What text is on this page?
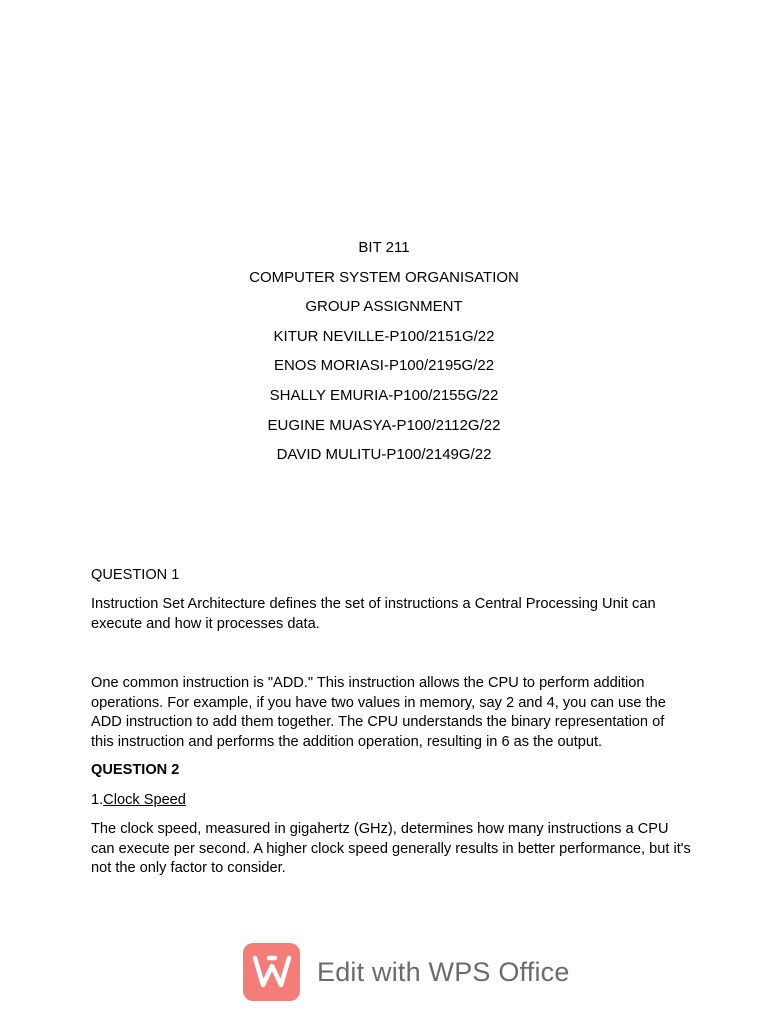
BIT 211
COMPUTER SYSTEM ORGANISATION
GROUP ASSIGNMENT
KITUR NEVILLE-P100/2151G/22
ENOS MORIASI-P100/2195G/22
SHALLY EMURIA-P100/2155G/22
EUGINE MUASYA-P100/2112G/22
DAVID MULITU-P100/2149G/22
QUESTION 1
Instruction Set Architecture defines the set of instructions a Central Processing Unit can execute and how it processes data.
One common instruction is "ADD." This instruction allows the CPU to perform addition operations. For example, if you have two values in memory, say 2 and 4, you can use the ADD instruction to add them together. The CPU understands the binary representation of this instruction and performs the addition operation, resulting in 6 as the output.
QUESTION 2
1.Clock Speed
The clock speed, measured in gigahertz (GHz), determines how many instructions a CPU can execute per second. A higher clock speed generally results in better performance, but it's not the only factor to consider.
Edit with WPS Office
